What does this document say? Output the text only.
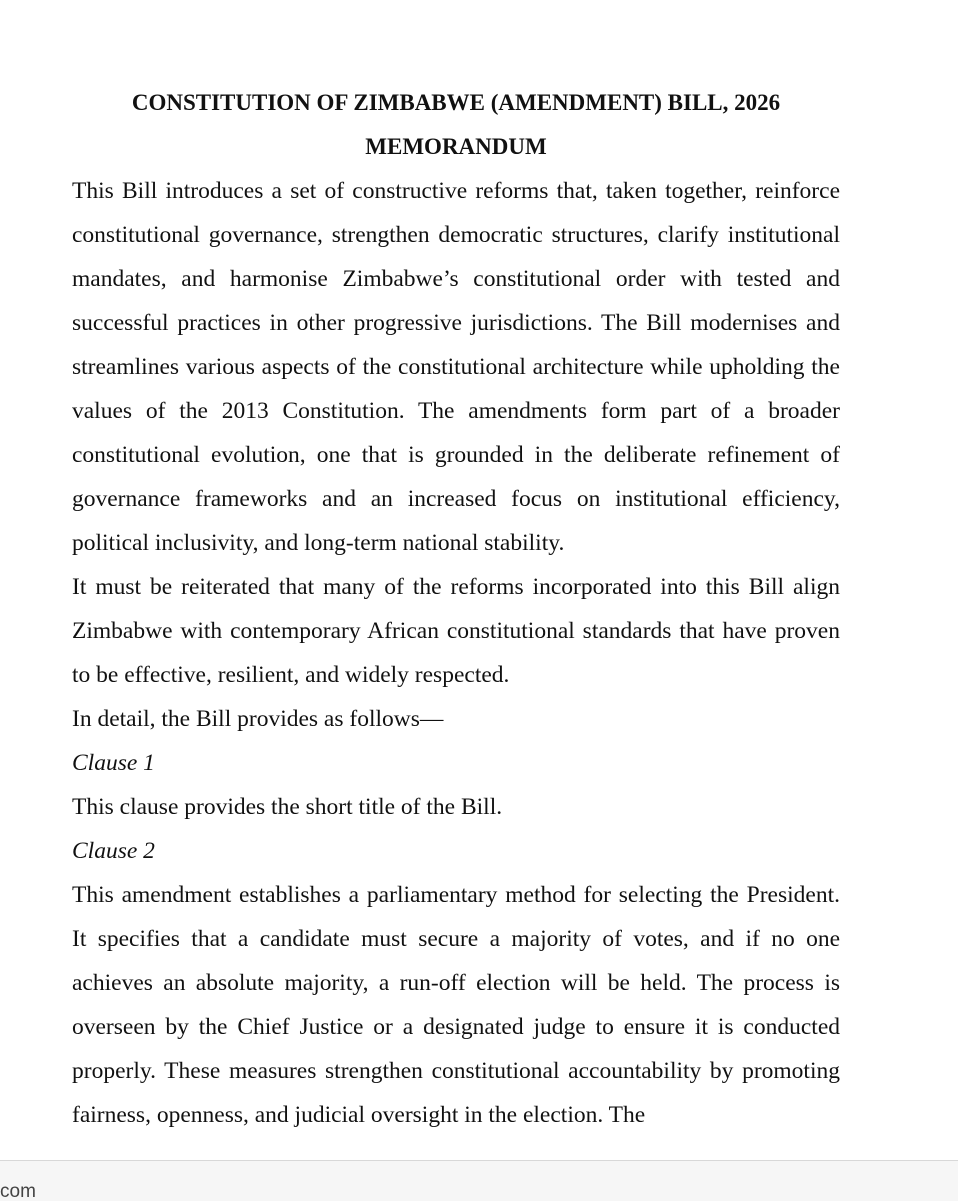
CONSTITUTION OF ZIMBABWE (AMENDMENT) BILL, 2026

MEMORANDUM

This Bill introduces a set of constructive reforms that, taken together, reinforce constitutional governance, strengthen democratic structures, clarify institutional mandates, and harmonise Zimbabwe’s constitutional order with tested and successful practices in other progressive jurisdictions. The Bill modernises and streamlines various aspects of the constitutional architecture while upholding the values of the 2013 Constitution. The amendments form part of a broader constitutional evolution, one that is grounded in the deliberate refinement of governance frameworks and an increased focus on institutional efficiency, political inclusivity, and long-term national stability.

It must be reiterated that many of the reforms incorporated into this Bill align Zimbabwe with contemporary African constitutional standards that have proven to be effective, resilient, and widely respected.

In detail, the Bill provides as follows—

Clause 1

This clause provides the short title of the Bill.

Clause 2

This amendment establishes a parliamentary method for selecting the President. It specifies that a candidate must secure a majority of votes, and if no one achieves an absolute majority, a run-off election will be held. The process is overseen by the Chief Justice or a designated judge to ensure it is conducted properly. These measures strengthen constitutional accountability by promoting fairness, openness, and judicial oversight in the election. The

com
